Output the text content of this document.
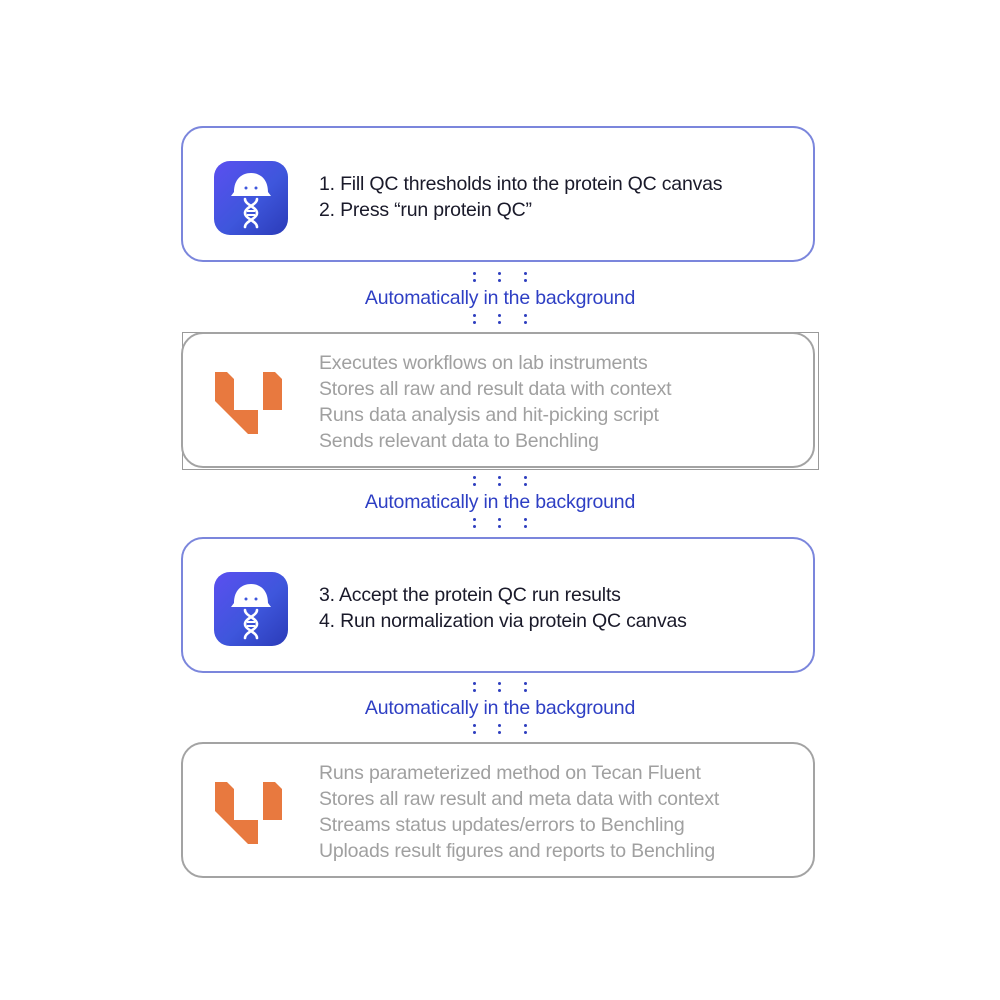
1. Fill QC thresholds into the protein QC canvas
2. Press “run protein QC”
Automatically in the background
Executes workflows on lab instruments
Stores all raw and result data with context
Runs data analysis and hit-picking script
Sends relevant data to Benchling
Automatically in the background
3. Accept the protein QC run results
4. Run normalization via protein QC canvas
Automatically in the background
Runs parameterized method on Tecan Fluent
Stores all raw result and meta data with context
Streams status updates/errors to Benchling
Uploads result figures and reports to Benchling
